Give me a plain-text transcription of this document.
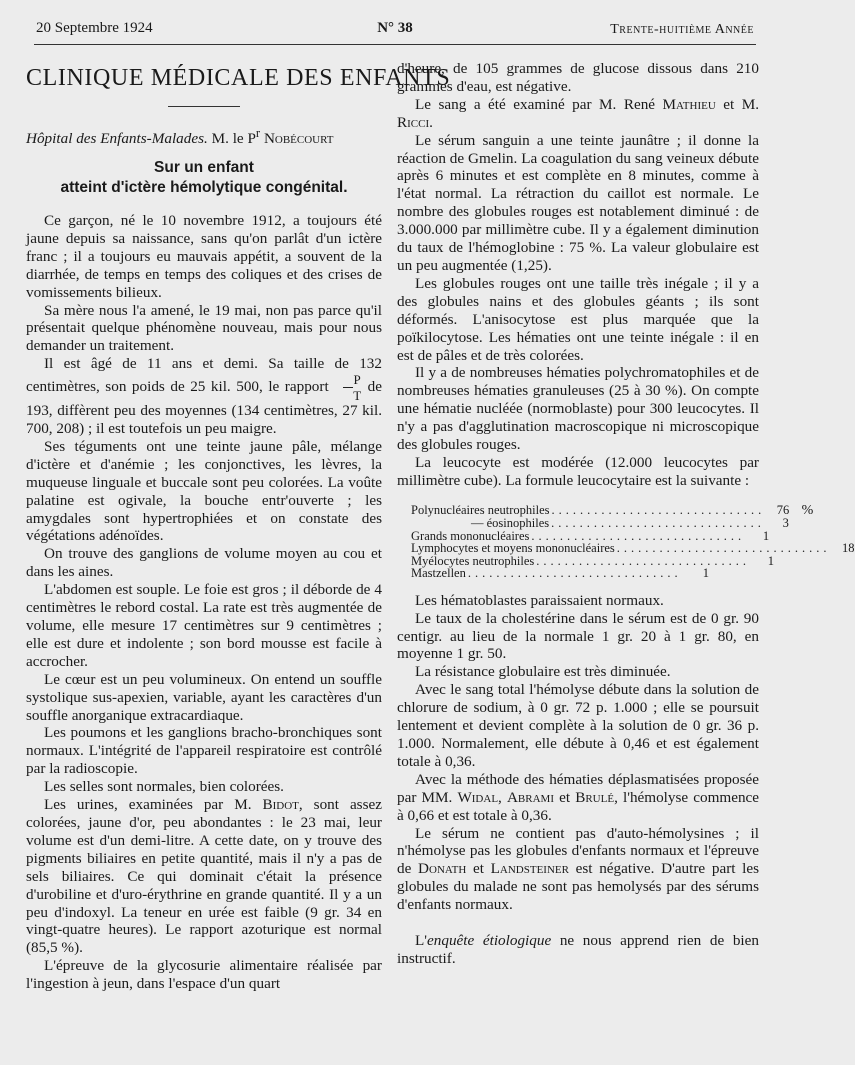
20 Septembre 1924	N° 38	Trente-huitième Année
CLINIQUE MÉDICALE DES ENFANTS

Hôpital des Enfants-Malades. M. le $P^r$ Nobécourt

Sur un enfant
atteint d'ictère hémolytique congénital.

Ce garçon, né le 10 novembre 1912, a toujours été jaune depuis sa naissance, sans qu'on parlât d'un ictère franc ; il a toujours eu mauvais appétit, a souvent de la diarrhée, de temps en temps des coliques et des crises de vomissements bilieux.

Sa mère nous l'a amené, le 19 mai, non pas parce qu'il présentait quelque phénomène nouveau, mais pour nous demander un traitement.

Il est âgé de 11 ans et demi. Sa taille de 132 centimètres, son poids de 25 kil. 500, le rapport $\frac{P}{T}$ de 193, diffèrent peu des moyennes (134 centimètres, 27 kil. 700, 208) ; il est toutefois un peu maigre.

Ses téguments ont une teinte jaune pâle, mélange d'ictère et d'anémie ; les conjonctives, les lèvres, la muqueuse linguale et buccale sont peu colorées. La voûte palatine est ogivale, la bouche entr'ouverte ; les amygdales sont hypertrophiées et on constate des végétations adénoïdes.

On trouve des ganglions de volume moyen au cou et dans les aines.

L'abdomen est souple. Le foie est gros ; il déborde de 4 centimètres le rebord costal. La rate est très augmentée de volume, elle mesure 17 centimètres sur 9 centimètres ; elle est dure et indolente ; son bord mousse est facile à accrocher.

Le cœur est un peu volumineux. On entend un souffle systolique sus-apexien, variable, ayant les caractères d'un souffle anorganique extracardiaque.

Les poumons et les ganglions bracho-bronchiques sont normaux. L'intégrité de l'appareil respiratoire est contrôlé par la radioscopie.

Les selles sont normales, bien colorées.

Les urines, examinées par M. Bidot, sont assez colorées, jaune d'or, peu abondantes : le 23 mai, leur volume est d'un demi-litre. A cette date, on y trouve des pigments biliaires en petite quantité, mais il n'y a pas de sels biliaires. Ce qui dominait c'était la présence d'urobiline et d'uro-érythrine en grande quantité. Il y a un peu d'indoxyl. La teneur en urée est faible (9 gr. 34 en vingt-quatre heures). Le rapport azoturique est normal (85,5 %).

L'épreuve de la glycosurie alimentaire réalisée par l'ingestion à jeun, dans l'espace d'un quart

d'heure, de 105 grammes de glucose dissous dans 210 grammes d'eau, est négative.

Le sang a été examiné par M. René Mathieu et M. Ricci.

Le sérum sanguin a une teinte jaunâtre ; il donne la réaction de Gmelin. La coagulation du sang veineux débute après 6 minutes et est complète en 8 minutes, comme à l'état normal. La rétraction du caillot est normale. Le nombre des globules rouges est notablement diminué : de 3.000.000 par millimètre cube. Il y a également diminution du taux de l'hémoglobine : 75 %. La valeur globulaire est un peu augmentée (1,25).

Les globules rouges ont une taille très inégale ; il y a des globules nains et des globules géants ; ils sont déformés. L'anisocytose est plus marquée que la poïkilocytose. Les hématies ont une teinte inégale : il en est de pâles et de très colorées.

Il y a de nombreuses hématies polychromatophiles et de nombreuses hématies granuleuses (25 à 30 %). On compte une hématie nucléée (normoblaste) pour 300 leucocytes. Il n'y a pas d'agglutination macroscopique ni microscopique des globules rouges.

La leucocyte est modérée (12.000 leucocytes par millimètre cube). La formule leucocytaire est la suivante :

Polynucléaires neutrophiles .............................. 76 %
— éosinophiles ..............................	3
Grands mononucléaires ..............................	1
Lymphocytes et moyens mononucléaires .............................. 18
Myélocytes neutrophiles ..............................	1
Mastzellen ..............................	1

Les hématoblastes paraissaient normaux.

Le taux de la cholestérine dans le sérum est de 0 gr. 90 centigr. au lieu de la normale 1 gr. 20 à 1 gr. 80, en moyenne 1 gr. 50.

La résistance globulaire est très diminuée.

Avec le sang total l'hémolyse débute dans la solution de chlorure de sodium, à 0 gr. 72 p. 1.000 ; elle se poursuit lentement et devient complète à la solution de 0 gr. 36 p. 1.000. Normalement, elle débute à 0,46 et est également totale à 0,36.

Avec la méthode des hématies déplasmatisées proposée par MM. Widal, Abrami et Brulé, l'hémolyse commence à 0,66 et est totale à 0,36.

Le sérum ne contient pas d'auto-hémolysines ; il n'hémolyse pas les globules d'enfants normaux et l'épreuve de Donath et Landsteiner est négative. D'autre part les globules du malade ne sont pas hemolysés par des sérums d'enfants normaux.

L'enquête étiologique ne nous apprend rien de bien instructif.
